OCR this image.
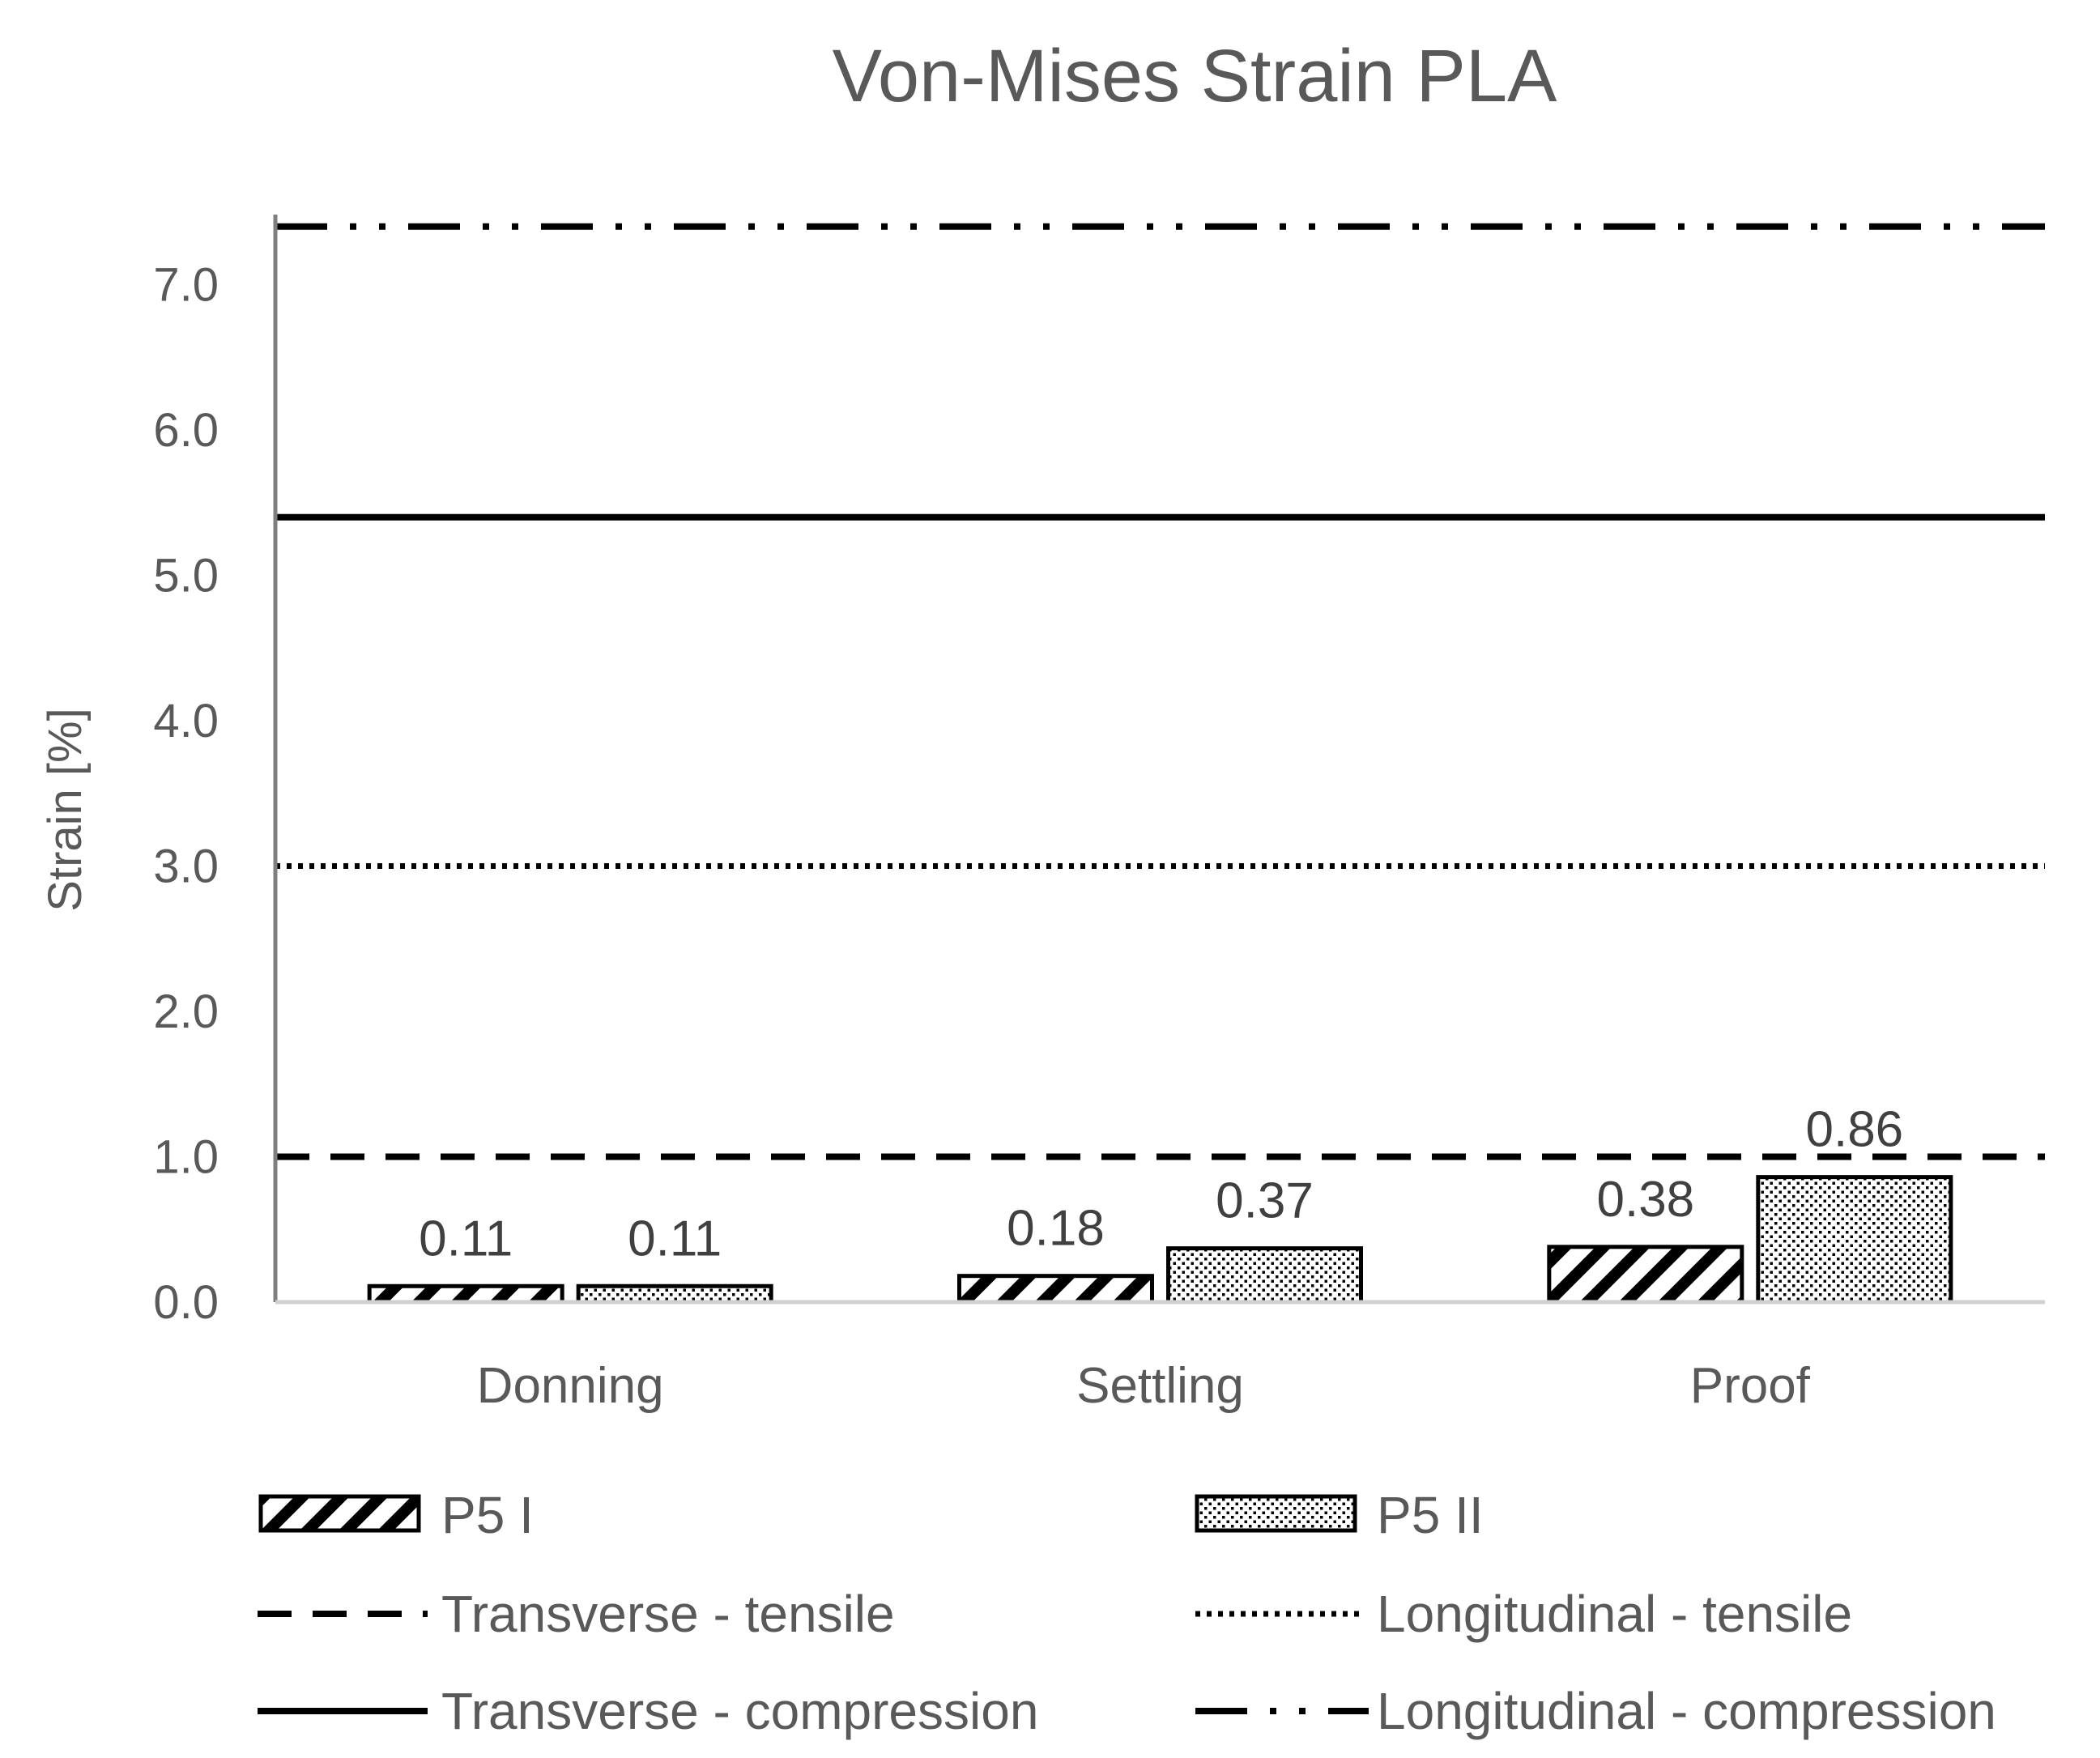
Von-Mises Strain PLA
Strain [%]
0.0
1.0
2.0
3.0
4.0
5.0
6.0
7.0
0.11 0.11	0.18 0.37	0.38
0.86
Donning	Settling	Proof
P5 I	P5 II
Transverse - tensile	Longitudinal - tensile
Transverse - compression	Longitudinal - compression
